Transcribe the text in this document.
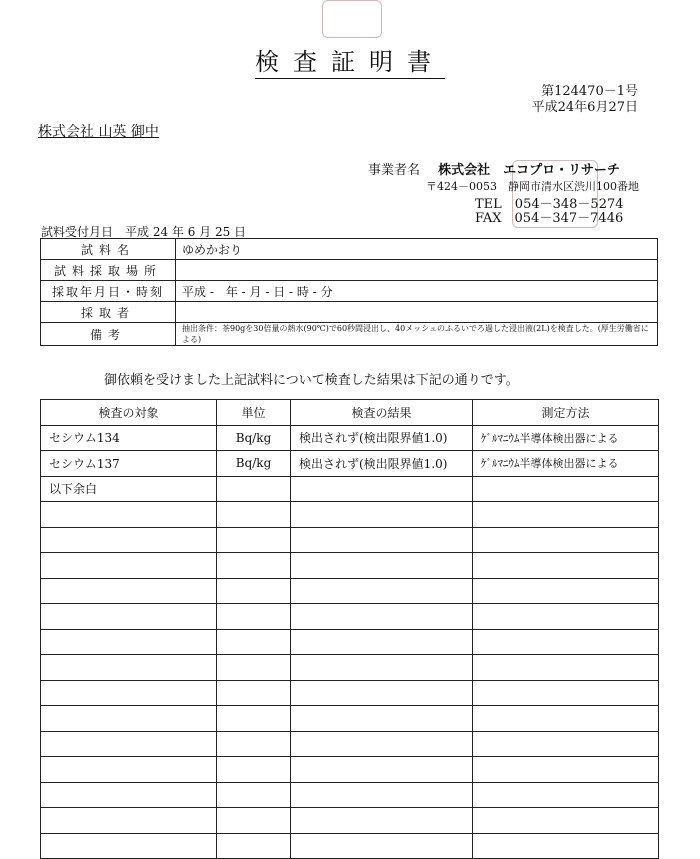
検査証明書
第124470－1号
平成24年6月27日
株式会社 山英 御中
事業者名 株式会社　エコプロ・リサーチ
〒424－0053　静岡市清水区渋川100番地
TEL　054－348－5274
FAX　054－347－7446
試料受付月日　平成 24 年 6 月 25 日
試料名	ゆめかおり
試料採取場所	
採取年月日・時刻	平成 -　年 - 月 - 日 - 時 - 分
採取者	
備考	抽出条件：茶90gを30倍量の熱水(90℃)で60秒間浸出し、40メッシュのふるいでろ過した浸出液(2L)を検査した。(厚生労働省による)
御依頼を受けました上記試料について検査した結果は下記の通りです。
検査の対象	単位	検査の結果	測定方法
セシウム134	Bq/kg	検出されず(検出限界値1.0)	ｹﾞﾙﾏﾆｳﾑ半導体検出器による
セシウム137	Bq/kg	検出されず(検出限界値1.0)	ｹﾞﾙﾏﾆｳﾑ半導体検出器による
以下余白			
